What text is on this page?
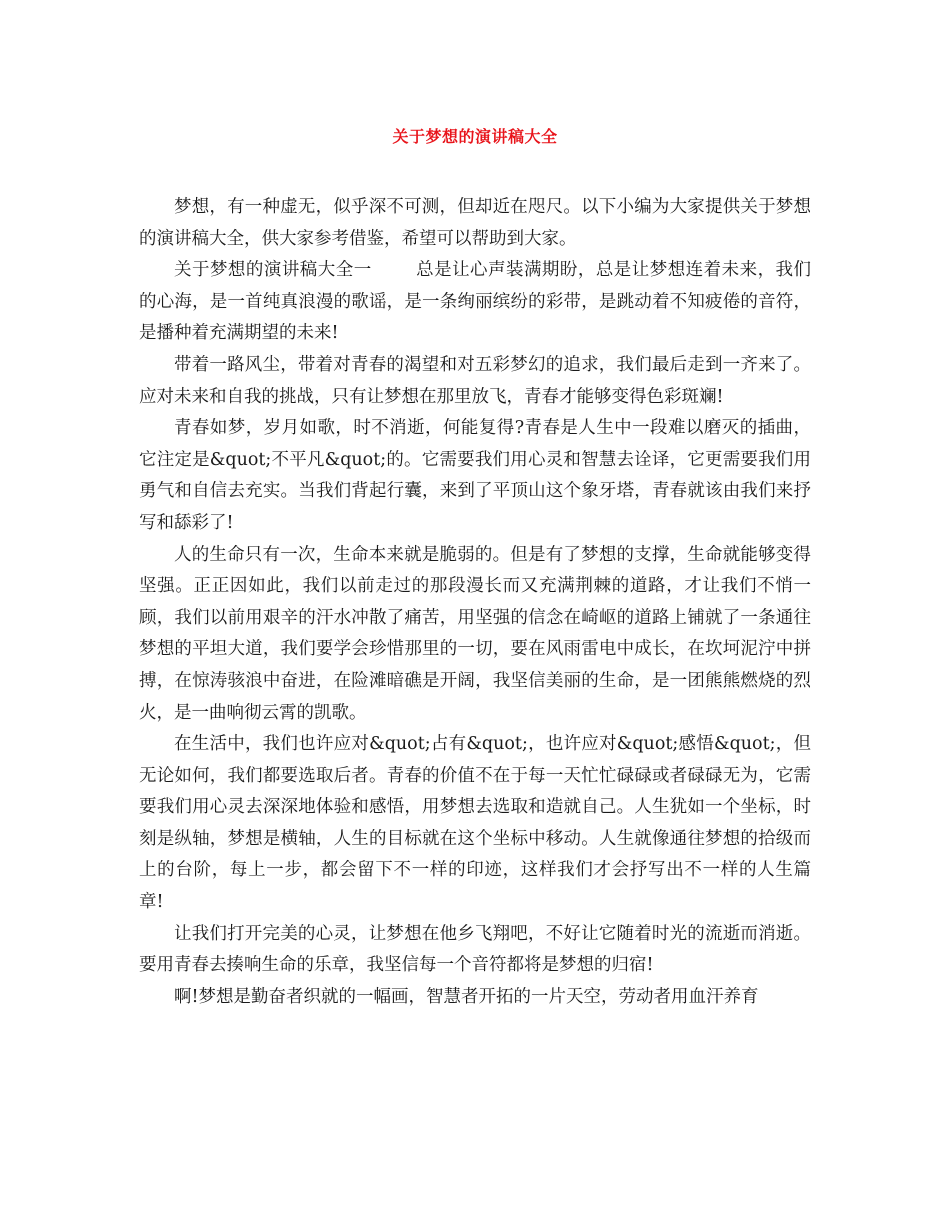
关于梦想的演讲稿大全

梦想，有一种虚无，似乎深不可测，但却近在咫尺。以下小编为大家提供关于梦想的演讲稿大全，供大家参考借鉴，希望可以帮助到大家。

关于梦想的演讲稿大全一	总是让心声装满期盼，总是让梦想连着未来，我们的心海，是一首纯真浪漫的歌谣，是一条绚丽缤纷的彩带，是跳动着不知疲倦的音符，是播种着充满期望的未来!

带着一路风尘，带着对青春的渴望和对五彩梦幻的追求，我们最后走到一齐来了。应对未来和自我的挑战，只有让梦想在那里放飞，青春才能够变得色彩斑斓!

青春如梦，岁月如歌，时不消逝，何能复得?青春是人生中一段难以磨灭的插曲，它注定是&quot;不平凡&quot;的。它需要我们用心灵和智慧去诠译，它更需要我们用勇气和自信去充实。当我们背起行囊，来到了平顶山这个象牙塔，青春就该由我们来抒写和舔彩了!

人的生命只有一次，生命本来就是脆弱的。但是有了梦想的支撑，生命就能够变得坚强。正正因如此，我们以前走过的那段漫长而又充满荆棘的道路，才让我们不悄一顾，我们以前用艰辛的汗水冲散了痛苦，用坚强的信念在崎岖的道路上铺就了一条通往梦想的平坦大道，我们要学会珍惜那里的一切，要在风雨雷电中成长，在坎坷泥泞中拼搏，在惊涛骇浪中奋进，在险滩暗礁是开阔，我坚信美丽的生命，是一团熊熊燃烧的烈火，是一曲响彻云霄的凯歌。

在生活中，我们也许应对&quot;占有&quot;，也许应对&quot;感悟&quot;，但无论如何，我们都要选取后者。青春的价值不在于每一天忙忙碌碌或者碌碌无为，它需要我们用心灵去深深地体验和感悟，用梦想去选取和造就自己。人生犹如一个坐标，时刻是纵轴，梦想是横轴，人生的目标就在这个坐标中移动。人生就像通往梦想的拾级而上的台阶，每上一步，都会留下不一样的印迹，这样我们才会抒写出不一样的人生篇章!

让我们打开完美的心灵，让梦想在他乡飞翔吧，不好让它随着时光的流逝而消逝。要用青春去揍响生命的乐章，我坚信每一个音符都将是梦想的归宿!

啊!梦想是勤奋者织就的一幅画，智慧者开拓的一片天空，劳动者用血汗养育
